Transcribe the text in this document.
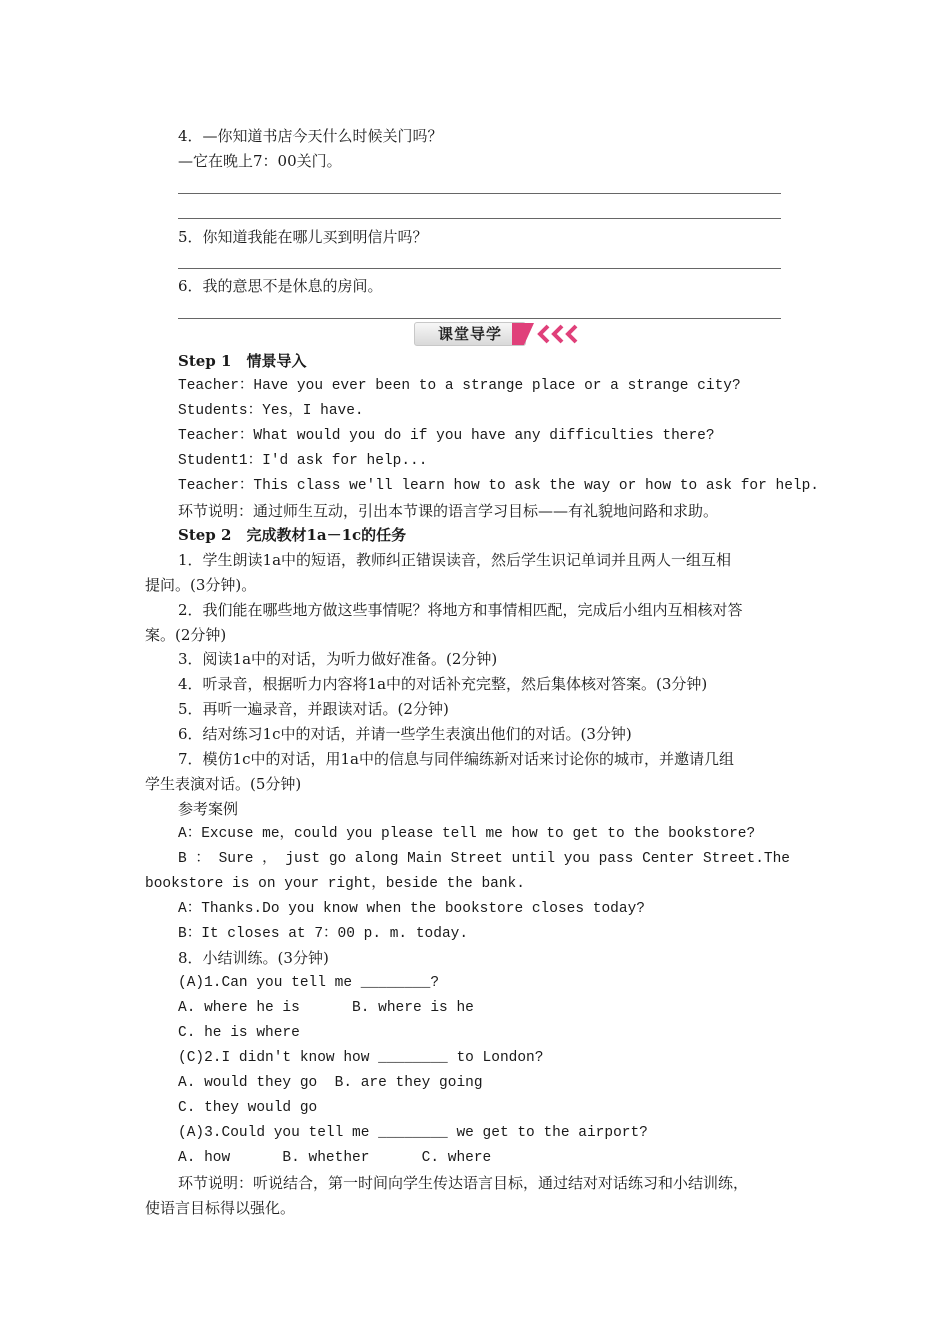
4．—你知道书店今天什么时候关门吗？
—它在晚上7：00关门。
5．你知道我能在哪儿买到明信片吗？
6．我的意思不是休息的房间。
课堂导学
Step 1　情景导入
Teacher：Have you ever been to a strange place or a strange city?
Students：Yes，I have.
Teacher：What would you do if you have any difficulties there?
Student1：I'd ask for help...
Teacher：This class we'll learn how to ask the way or how to ask for help.
环节说明：通过师生互动，引出本节课的语言学习目标——有礼貌地问路和求助。
Step 2　完成教材1a－1c的任务
1．学生朗读1a中的短语，教师纠正错误读音，然后学生识记单词并且两人一组互相
提问。(3分钟)。
2．我们能在哪些地方做这些事情呢？将地方和事情相匹配，完成后小组内互相核对答
案。(2分钟)
3．阅读1a中的对话，为听力做好准备。(2分钟)
4．听录音，根据听力内容将1a中的对话补充完整，然后集体核对答案。(3分钟)
5．再听一遍录音，并跟读对话。(2分钟)
6．结对练习1c中的对话，并请一些学生表演出他们的对话。(3分钟)
7．模仿1c中的对话，用1a中的信息与同伴编练新对话来讨论你的城市，并邀请几组
学生表演对话。(5分钟)
参考案例
A：Excuse me，could you please tell me how to get to the bookstore?
B ： Sure ， just go along Main Street until you pass Center Street.The
bookstore is on your right，beside the bank.
A：Thanks.Do you know when the bookstore closes today?
B：It closes at 7：00 p. m. today.
8．小结训练。(3分钟)
(A)1.Can you tell me ________?
A. where he is      B. where is he
C. he is where
(C)2.I didn't know how ________ to London?
A. would they go  B. are they going
C. they would go
(A)3.Could you tell me ________ we get to the airport?
A. how      B. whether      C. where
环节说明：听说结合，第一时间向学生传达语言目标，通过结对对话练习和小结训练，
使语言目标得以强化。
